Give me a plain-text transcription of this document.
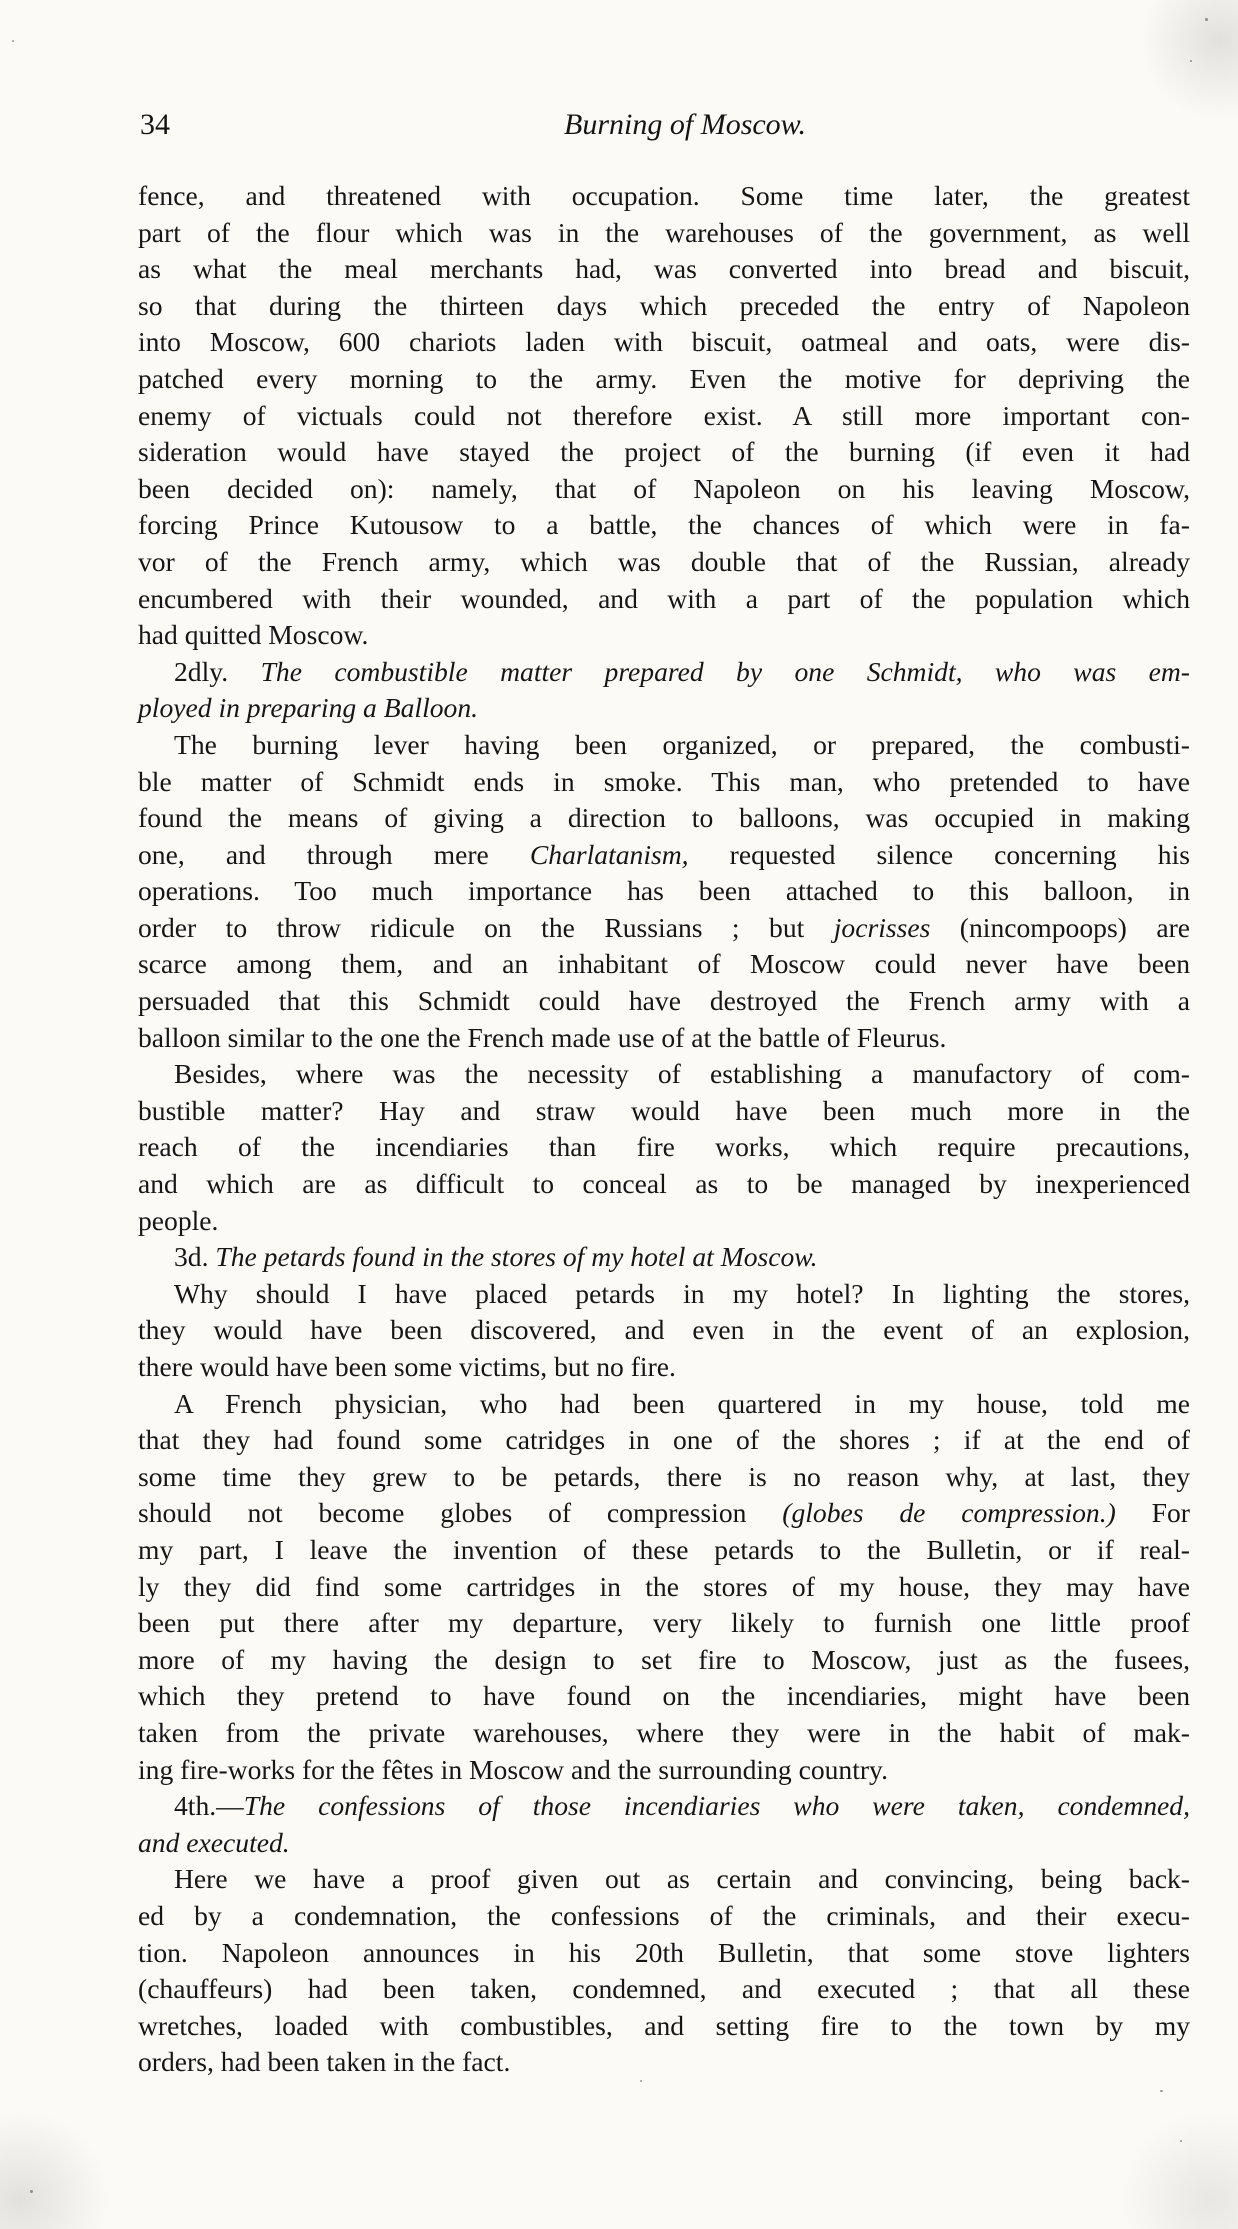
34	Burning of Moscow.
fence, and threatened with occupation. Some time later, the greatest
part of the flour which was in the warehouses of the government, as well
as what the meal merchants had, was converted into bread and biscuit,
so that during the thirteen days which preceded the entry of Napoleon
into Moscow, 600 chariots laden with biscuit, oatmeal and oats, were dis-
patched every morning to the army. Even the motive for depriving the
enemy of victuals could not therefore exist. A still more important con-
sideration would have stayed the project of the burning (if even it had
been decided on): namely, that of Napoleon on his leaving Moscow,
forcing Prince Kutousow to a battle, the chances of which were in fa-
vor of the French army, which was double that of the Russian, already
encumbered with their wounded, and with a part of the population which
had quitted Moscow.
2dly. The combustible matter prepared by one Schmidt, who was em-
ployed in preparing a Balloon.
The burning lever having been organized, or prepared, the combusti-
ble matter of Schmidt ends in smoke. This man, who pretended to have
found the means of giving a direction to balloons, was occupied in making
one, and through mere Charlatanism, requested silence concerning his
operations. Too much importance has been attached to this balloon, in
order to throw ridicule on the Russians ; but jocrisses (nincompoops) are
scarce among them, and an inhabitant of Moscow could never have been
persuaded that this Schmidt could have destroyed the French army with a
balloon similar to the one the French made use of at the battle of Fleurus.
Besides, where was the necessity of establishing a manufactory of com-
bustible matter? Hay and straw would have been much more in the
reach of the incendiaries than fire works, which require precautions,
and which are as difficult to conceal as to be managed by inexperienced
people.
3d. The petards found in the stores of my hotel at Moscow.
Why should I have placed petards in my hotel? In lighting the stores,
they would have been discovered, and even in the event of an explosion,
there would have been some victims, but no fire.
A French physician, who had been quartered in my house, told me
that they had found some catridges in one of the shores ; if at the end of
some time they grew to be petards, there is no reason why, at last, they
should not become globes of compression (globes de compression.) For
my part, I leave the invention of these petards to the Bulletin, or if real-
ly they did find some cartridges in the stores of my house, they may have
been put there after my departure, very likely to furnish one little proof
more of my having the design to set fire to Moscow, just as the fusees,
which they pretend to have found on the incendiaries, might have been
taken from the private warehouses, where they were in the habit of mak-
ing fire-works for the fêtes in Moscow and the surrounding country.
4th.—The confessions of those incendiaries who were taken, condemned,
and executed.
Here we have a proof given out as certain and convincing, being back-
ed by a condemnation, the confessions of the criminals, and their execu-
tion. Napoleon announces in his 20th Bulletin, that some stove lighters
(chauffeurs) had been taken, condemned, and executed ; that all these
wretches, loaded with combustibles, and setting fire to the town by my
orders, had been taken in the fact.
